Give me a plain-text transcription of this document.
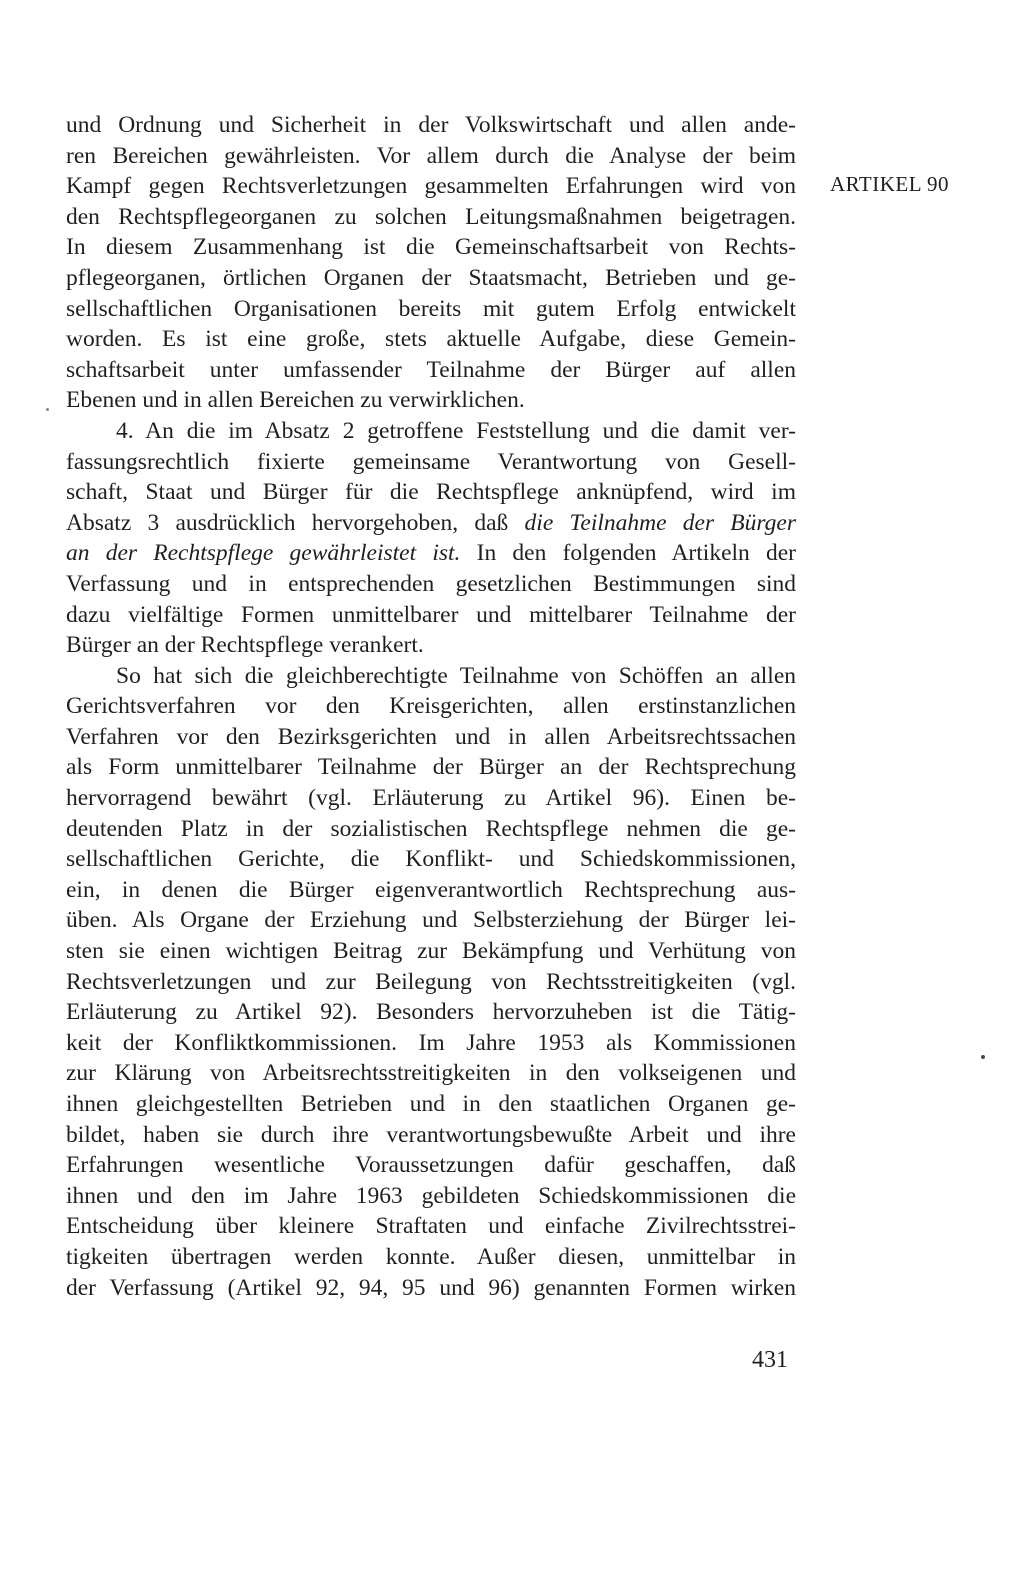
und Ordnung und Sicherheit in der Volkswirtschaft und allen ande-
ren Bereichen gewährleisten. Vor allem durch die Analyse der beim
Kampf gegen Rechtsverletzungen gesammelten Erfahrungen wird von
den Rechtspflegeorganen zu solchen Leitungsmaßnahmen beigetragen.
In diesem Zusammenhang ist die Gemeinschaftsarbeit von Rechts-
pflegeorganen, örtlichen Organen der Staatsmacht, Betrieben und ge-
sellschaftlichen Organisationen bereits mit gutem Erfolg entwickelt
worden. Es ist eine große, stets aktuelle Aufgabe, diese Gemein-
schaftsarbeit unter umfassender Teilnahme der Bürger auf allen
Ebenen und in allen Bereichen zu verwirklichen.
4. An die im Absatz 2 getroffene Feststellung und die damit ver-
fassungsrechtlich fixierte gemeinsame Verantwortung von Gesell-
schaft, Staat und Bürger für die Rechtspflege anknüpfend, wird im
Absatz 3 ausdrücklich hervorgehoben, daß die Teilnahme der Bürger
an der Rechtspflege gewährleistet ist. In den folgenden Artikeln der
Verfassung und in entsprechenden gesetzlichen Bestimmungen sind
dazu vielfältige Formen unmittelbarer und mittelbarer Teilnahme der
Bürger an der Rechtspflege verankert.
So hat sich die gleichberechtigte Teilnahme von Schöffen an allen
Gerichtsverfahren vor den Kreisgerichten, allen erstinstanzlichen
Verfahren vor den Bezirksgerichten und in allen Arbeitsrechtssachen
als Form unmittelbarer Teilnahme der Bürger an der Rechtsprechung
hervorragend bewährt (vgl. Erläuterung zu Artikel 96). Einen be-
deutenden Platz in der sozialistischen Rechtspflege nehmen die ge-
sellschaftlichen Gerichte, die Konflikt- und Schiedskommissionen,
ein, in denen die Bürger eigenverantwortlich Rechtsprechung aus-
üben. Als Organe der Erziehung und Selbsterziehung der Bürger lei-
sten sie einen wichtigen Beitrag zur Bekämpfung und Verhütung von
Rechtsverletzungen und zur Beilegung von Rechtsstreitigkeiten (vgl.
Erläuterung zu Artikel 92). Besonders hervorzuheben ist die Tätig-
keit der Konfliktkommissionen. Im Jahre 1953 als Kommissionen
zur Klärung von Arbeitsrechtsstreitigkeiten in den volkseigenen und
ihnen gleichgestellten Betrieben und in den staatlichen Organen ge-
bildet, haben sie durch ihre verantwortungsbewußte Arbeit und ihre
Erfahrungen wesentliche Voraussetzungen dafür geschaffen, daß
ihnen und den im Jahre 1963 gebildeten Schiedskommissionen die
Entscheidung über kleinere Straftaten und einfache Zivilrechtsstrei-
tigkeiten übertragen werden konnte. Außer diesen, unmittelbar in
der Verfassung (Artikel 92, 94, 95 und 96) genannten Formen wirken
ARTIKEL 90
431
